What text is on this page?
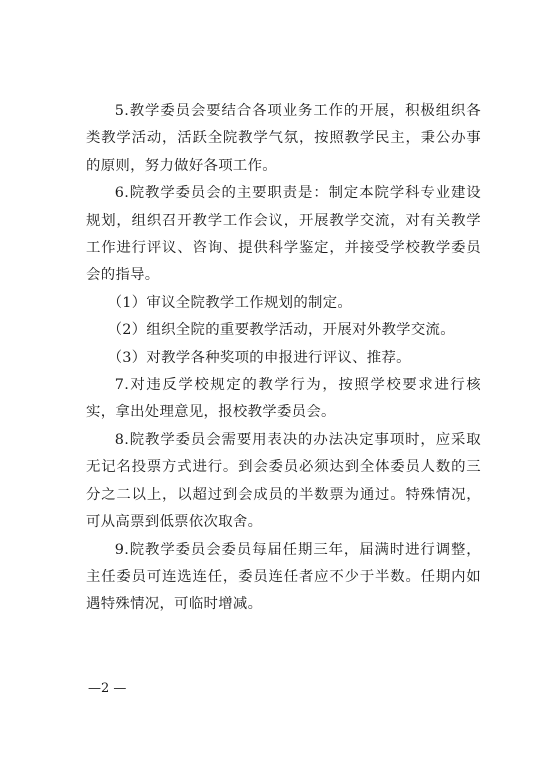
5.教学委员会要结合各项业务工作的开展，积极组织各类教学活动，活跃全院教学气氛，按照教学民主，秉公办事的原则，努力做好各项工作。

6.院教学委员会的主要职责是：制定本院学科专业建设规划，组织召开教学工作会议，开展教学交流，对有关教学工作进行评议、咨询、提供科学鉴定，并接受学校教学委员会的指导。

（1）审议全院教学工作规划的制定。

（2）组织全院的重要教学活动，开展对外教学交流。

（3）对教学各种奖项的申报进行评议、推荐。

7.对违反学校规定的教学行为，按照学校要求进行核实，拿出处理意见，报校教学委员会。

8.院教学委员会需要用表决的办法决定事项时，应采取无记名投票方式进行。到会委员必须达到全体委员人数的三分之二以上，以超过到会成员的半数票为通过。特殊情况，可从高票到低票依次取舍。

9.院教学委员会委员每届任期三年，届满时进行调整，主任委员可连选连任，委员连任者应不少于半数。任期内如遇特殊情况，可临时增减。

—2 —
